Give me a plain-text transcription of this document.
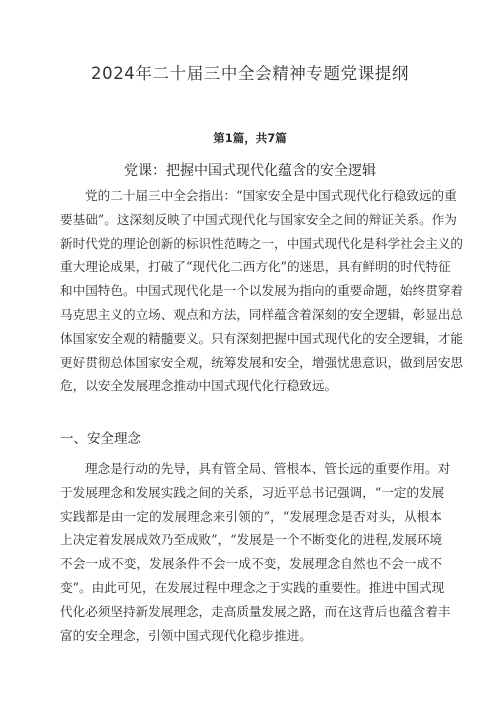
2024年二十届三中全会精神专题党课提纲
第1篇，共7篇
党课：把握中国式现代化蕴含的安全逻辑
党的二十届三中全会指出：“国家安全是中国式现代化行稳致远的重
要基础”。这深刻反映了中国式现代化与国家安全之间的辩证关系。作为
新时代党的理论创新的标识性范畴之一，中国式现代化是科学社会主义的
重大理论成果，打破了“现代化二西方化”的迷思，具有鲜明的时代特征
和中国特色。中国式现代化是一个以发展为指向的重要命题，始终贯穿着
马克思主义的立场、观点和方法，同样蕴含着深刻的安全逻辑，彰显出总
体国家安全观的精髓要义。只有深刻把握中国式现代化的安全逻辑，才能
更好贯彻总体国家安全观，统筹发展和安全，增强忧患意识，做到居安思
危，以安全发展理念推动中国式现代化行稳致远。
一、安全理念
理念是行动的先导，具有管全局、管根本、管长远的重要作用。对
于发展理念和发展实践之间的关系，习近平总书记强调，“一定的发展
实践都是由一定的发展理念来引领的”，“发展理念是否对头，从根本
上决定着发展成效乃至成败”，“发展是一个不断变化的进程,发展环境
不会一成不变，发展条件不会一成不变，发展理念自然也不会一成不
变”。由此可见，在发展过程中理念之于实践的重要性。推进中国式现
代化必须坚持新发展理念，走高质量发展之路，而在这背后也蕴含着丰
富的安全理念，引领中国式现代化稳步推进。
